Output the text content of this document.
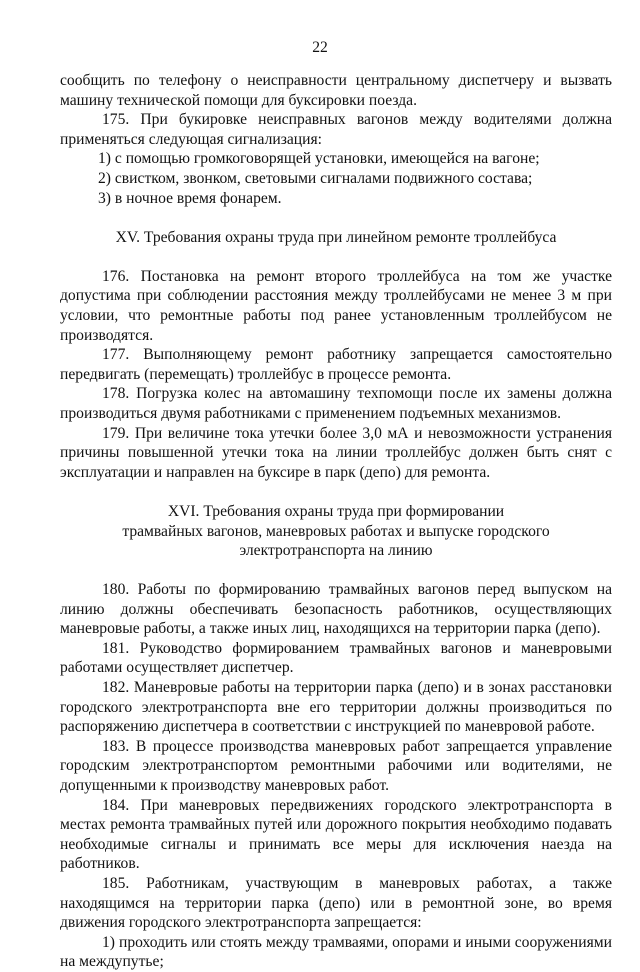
22

сообщить по телефону о неисправности центральному диспетчеру и вызвать машину технической помощи для буксировки поезда.

175. При букировке неисправных вагонов между водителями должна применяться следующая сигнализация:

1) с помощью громкоговорящей установки, имеющейся на вагоне;

2) свистком, звонком, световыми сигналами подвижного состава;

3) в ночное время фонарем.

XV. Требования охраны труда при линейном ремонте троллейбуса

176. Постановка на ремонт второго троллейбуса на том же участке допустима при соблюдении расстояния между троллейбусами не менее 3 м при условии, что ремонтные работы под ранее установленным троллейбусом не производятся.

177. Выполняющему ремонт работнику запрещается самостоятельно передвигать (перемещать) троллейбус в процессе ремонта.

178. Погрузка колес на автомашину техпомощи после их замены должна производиться двумя работниками с применением подъемных механизмов.

179. При величине тока утечки более 3,0 мА и невозможности устранения причины повышенной утечки тока на линии троллейбус должен быть снят с эксплуатации и направлен на буксире в парк (депо) для ремонта.

XVI. Требования охраны труда при формировании
трамвайных вагонов, маневровых работах и выпуске городского
электротранспорта на линию

180. Работы по формированию трамвайных вагонов перед выпуском на линию должны обеспечивать безопасность работников, осуществляющих маневровые работы, а также иных лиц, находящихся на территории парка (депо).

181. Руководство формированием трамвайных вагонов и маневровыми работами осуществляет диспетчер.

182. Маневровые работы на территории парка (депо) и в зонах расстановки городского электротранспорта вне его территории должны производиться по распоряжению диспетчера в соответствии с инструкцией по маневровой работе.

183. В процессе производства маневровых работ запрещается управление городским электротранспортом ремонтными рабочими или водителями, не допущенными к производству маневровых работ.

184. При маневровых передвижениях городского электротранспорта в местах ремонта трамвайных путей или дорожного покрытия необходимо подавать необходимые сигналы и принимать все меры для исключения наезда на работников.

185. Работникам, участвующим в маневровых работах, а также находящимся на территории парка (депо) или в ремонтной зоне, во время движения городского электротранспорта запрещается:

1) проходить или стоять между трамваями, опорами и иными сооружениями на междупутье;
